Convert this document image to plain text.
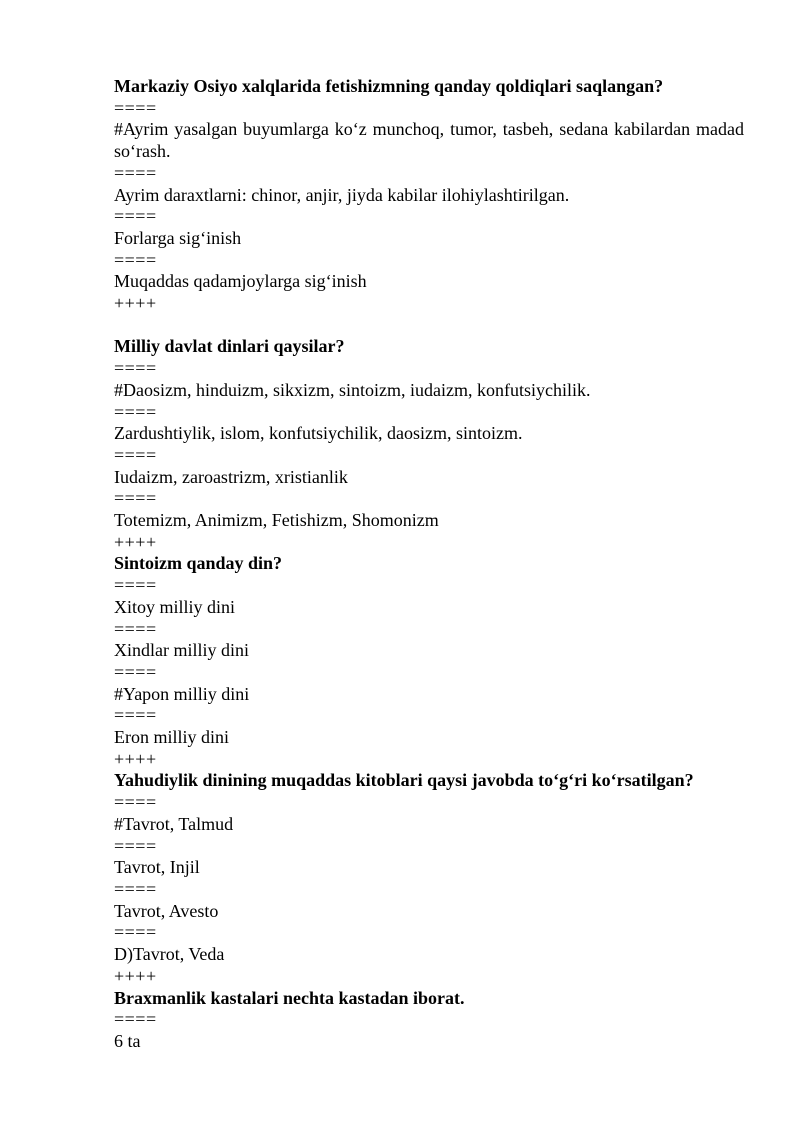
Markaziy Osiyo xalqlarida fetishizmning qanday qoldiqlari saqlangan?
====
#Ayrim yasalgan buyumlarga ko‘z munchoq, tumor, tasbeh, sedana kabilardan madad so‘rash.
====
Ayrim daraxtlarni: chinor, anjir, jiyda kabilar ilohiylashtirilgan.
====
Forlarga sig‘inish
====
Muqaddas qadamjoylarga sig‘inish
++++
Milliy davlat dinlari qaysilar?
====
#Daosizm, hinduizm, sikxizm, sintoizm, iudaizm, konfutsiychilik.
====
Zardushtiylik, islom, konfutsiychilik, daosizm, sintoizm.
====
Iudaizm, zaroastrizm, xristianlik
====
Totemizm, Animizm, Fetishizm, Shomonizm
++++
Sintoizm qanday din?
====
Xitoy milliy dini
====
Xindlar milliy dini
====
#Yapon milliy dini
====
Eron milliy dini
++++
Yahudiylik dinining muqaddas kitoblari qaysi javobda to‘g‘ri ko‘rsatilgan?
====
#Tavrot, Talmud
====
Tavrot, Injil
====
Tavrot, Avesto
====
D)Tavrot, Veda
++++
Braxmanlik kastalari nechta kastadan iborat.
====
6 ta
